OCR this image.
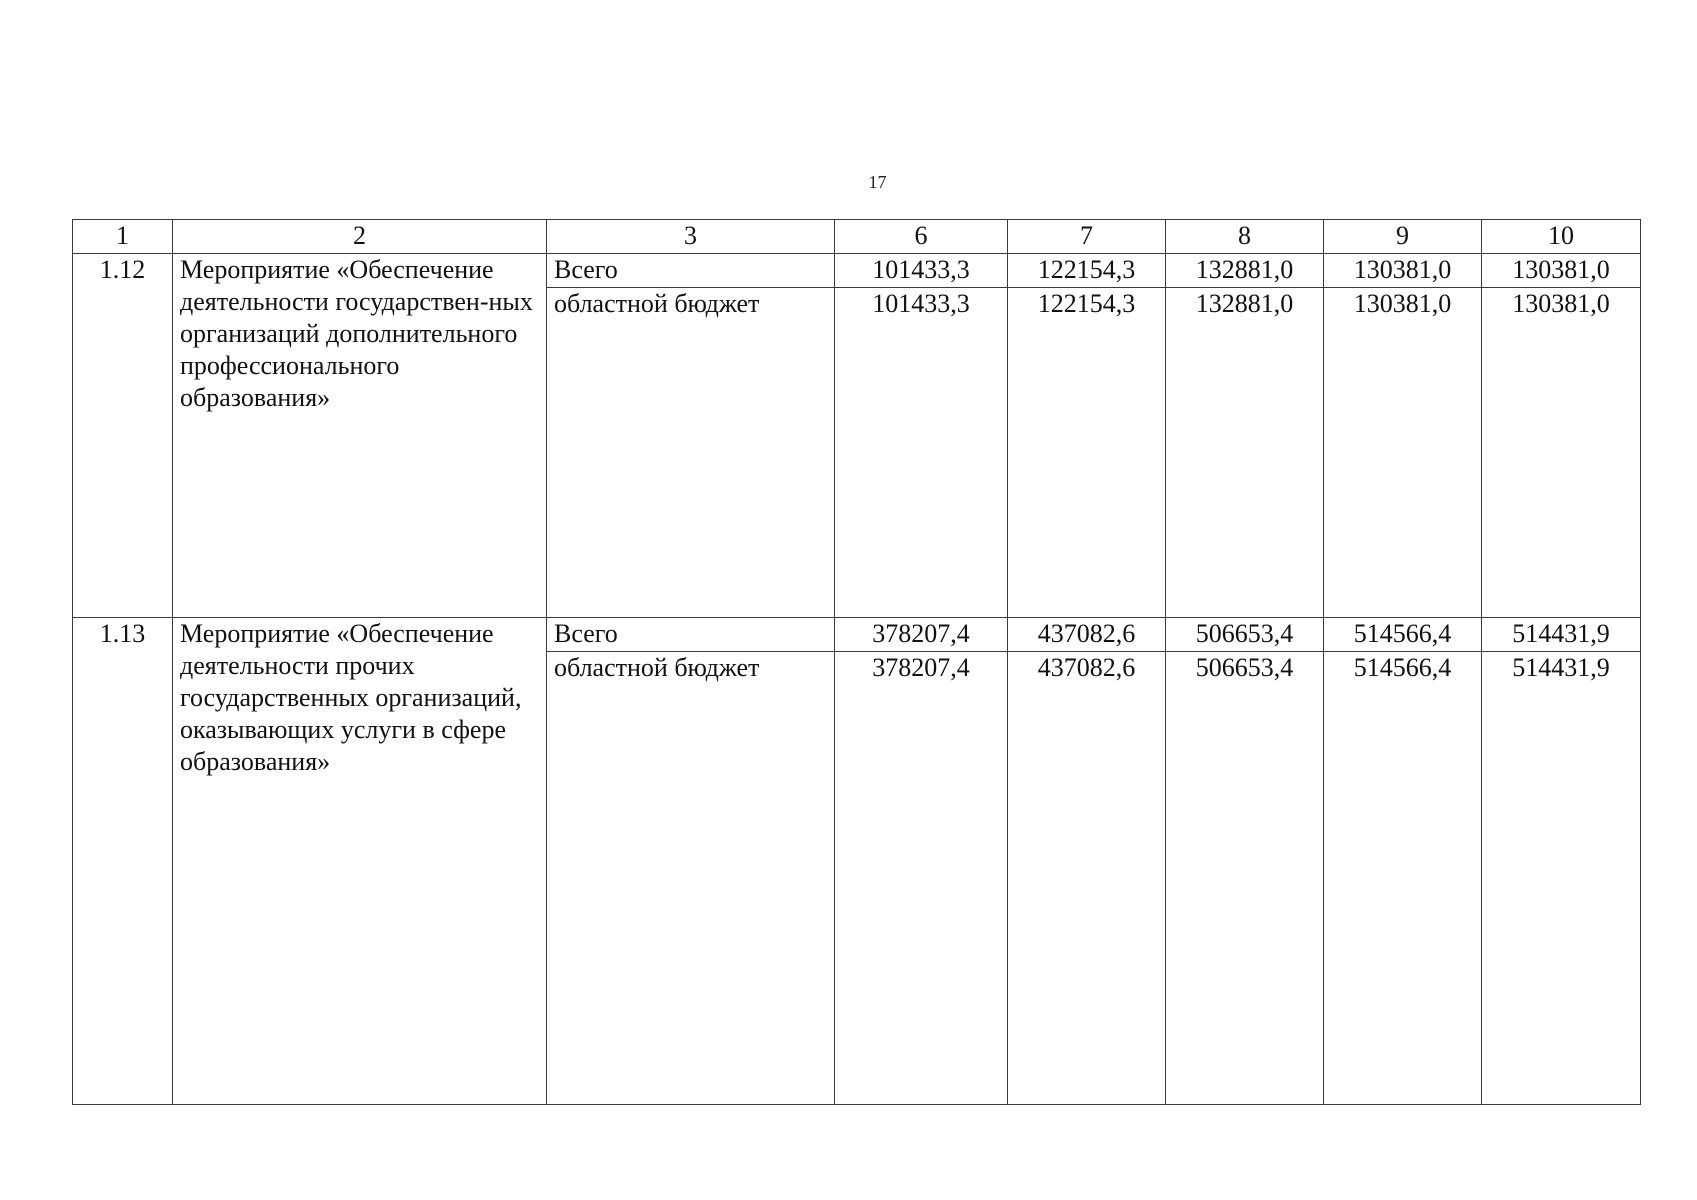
17
1	2	3	6	7	8	9	10
1.12	Мероприятие «Обеспечение деятельности государствен-ных организаций дополнительного профессионального образования»	Всего	101433,3	122154,3	132881,0	130381,0	130381,0
		областной бюджет	101433,3	122154,3	132881,0	130381,0	130381,0
1.13	Мероприятие «Обеспечение деятельности прочих государственных организаций, оказывающих услуги в сфере образования»	Всего	378207,4	437082,6	506653,4	514566,4	514431,9
		областной бюджет	378207,4	437082,6	506653,4	514566,4	514431,9
